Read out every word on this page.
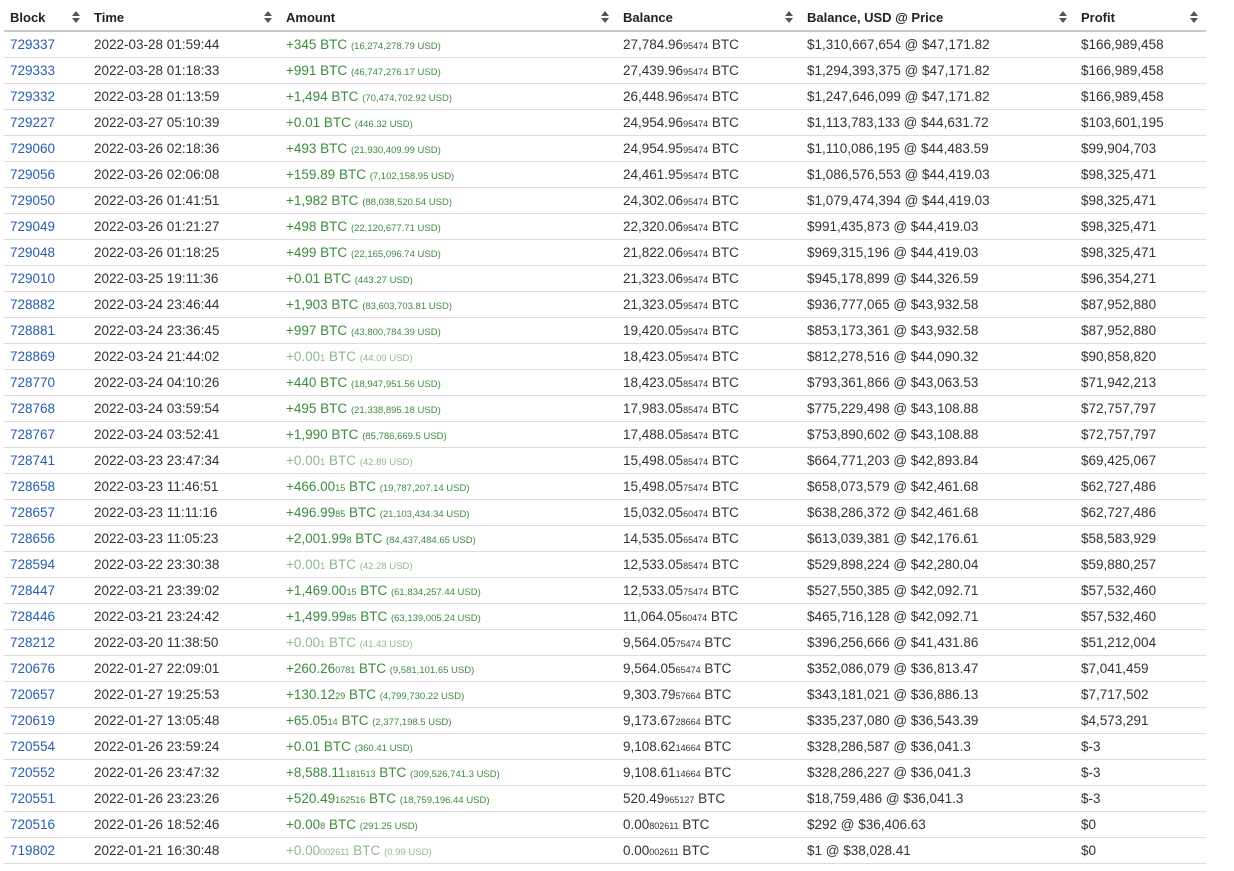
Block	Time	Amount	Balance	Balance, USD @ Price	Profit

729337	2022-03-28 01:59:44	+345 BTC (16,274,278.79 USD)	27,784.9695474 BTC	$1,310,667,654 @ $47,171.82	$166,989,458
729333	2022-03-28 01:18:33	+991 BTC (46,747,276.17 USD)	27,439.9695474 BTC	$1,294,393,375 @ $47,171.82	$166,989,458
729332	2022-03-28 01:13:59	+1,494 BTC (70,474,702.92 USD)	26,448.9695474 BTC	$1,247,646,099 @ $47,171.82	$166,989,458
729227	2022-03-27 05:10:39	+0.01 BTC (446.32 USD)	24,954.9695474 BTC	$1,113,783,133 @ $44,631.72	$103,601,195
729060	2022-03-26 02:18:36	+493 BTC (21,930,409.99 USD)	24,954.9595474 BTC	$1,110,086,195 @ $44,483.59	$99,904,703
729056	2022-03-26 02:06:08	+159.89 BTC (7,102,158.95 USD)	24,461.9595474 BTC	$1,086,576,553 @ $44,419.03	$98,325,471
729050	2022-03-26 01:41:51	+1,982 BTC (88,038,520.54 USD)	24,302.0695474 BTC	$1,079,474,394 @ $44,419.03	$98,325,471
729049	2022-03-26 01:21:27	+498 BTC (22,120,677.71 USD)	22,320.0695474 BTC	$991,435,873 @ $44,419.03	$98,325,471
729048	2022-03-26 01:18:25	+499 BTC (22,165,096.74 USD)	21,822.0695474 BTC	$969,315,196 @ $44,419.03	$98,325,471
729010	2022-03-25 19:11:36	+0.01 BTC (443.27 USD)	21,323.0695474 BTC	$945,178,899 @ $44,326.59	$96,354,271
728882	2022-03-24 23:46:44	+1,903 BTC (83,603,703.81 USD)	21,323.0595474 BTC	$936,777,065 @ $43,932.58	$87,952,880
728881	2022-03-24 23:36:45	+997 BTC (43,800,784.39 USD)	19,420.0595474 BTC	$853,173,361 @ $43,932.58	$87,952,880
728869	2022-03-24 21:44:02	+0.001 BTC (44.09 USD)	18,423.0595474 BTC	$812,278,516 @ $44,090.32	$90,858,820
728770	2022-03-24 04:10:26	+440 BTC (18,947,951.56 USD)	18,423.0585474 BTC	$793,361,866 @ $43,063.53	$71,942,213
728768	2022-03-24 03:59:54	+495 BTC (21,338,895.18 USD)	17,983.0585474 BTC	$775,229,498 @ $43,108.88	$72,757,797
728767	2022-03-24 03:52:41	+1,990 BTC (85,786,669.5 USD)	17,488.0585474 BTC	$753,890,602 @ $43,108.88	$72,757,797
728741	2022-03-23 23:47:34	+0.001 BTC (42.89 USD)	15,498.0585474 BTC	$664,771,203 @ $42,893.84	$69,425,067
728658	2022-03-23 11:46:51	+466.0015 BTC (19,787,207.14 USD)	15,498.0575474 BTC	$658,073,579 @ $42,461.68	$62,727,486
728657	2022-03-23 11:11:16	+496.9985 BTC (21,103,434.34 USD)	15,032.0560474 BTC	$638,286,372 @ $42,461.68	$62,727,486
728656	2022-03-23 11:05:23	+2,001.998 BTC (84,437,484.65 USD)	14,535.0565474 BTC	$613,039,381 @ $42,176.61	$58,583,929
728594	2022-03-22 23:30:38	+0.001 BTC (42.28 USD)	12,533.0585474 BTC	$529,898,224 @ $42,280.04	$59,880,257
728447	2022-03-21 23:39:02	+1,469.0015 BTC (61,834,257.44 USD)	12,533.0575474 BTC	$527,550,385 @ $42,092.71	$57,532,460
728446	2022-03-21 23:24:42	+1,499.9985 BTC (63,139,005.24 USD)	11,064.0560474 BTC	$465,716,128 @ $42,092.71	$57,532,460
728212	2022-03-20 11:38:50	+0.001 BTC (41.43 USD)	9,564.0575474 BTC	$396,256,666 @ $41,431.86	$51,212,004
720676	2022-01-27 22:09:01	+260.260781 BTC (9,581,101.65 USD)	9,564.0565474 BTC	$352,086,079 @ $36,813.47	$7,041,459
720657	2022-01-27 19:25:53	+130.1229 BTC (4,799,730.22 USD)	9,303.7957664 BTC	$343,181,021 @ $36,886.13	$7,717,502
720619	2022-01-27 13:05:48	+65.0514 BTC (2,377,198.5 USD)	9,173.6728664 BTC	$335,237,080 @ $36,543.39	$4,573,291
720554	2022-01-26 23:59:24	+0.01 BTC (360.41 USD)	9,108.6214664 BTC	$328,286,587 @ $36,041.3	$-3
720552	2022-01-26 23:47:32	+8,588.11181513 BTC (309,526,741.3 USD)	9,108.6114664 BTC	$328,286,227 @ $36,041.3	$-3
720551	2022-01-26 23:23:26	+520.49162516 BTC (18,759,196.44 USD)	520.49965127 BTC	$18,759,486 @ $36,041.3	$-3
720516	2022-01-26 18:52:46	+0.008 BTC (291.25 USD)	0.00802611 BTC	$292 @ $36,406.63	$0
719802	2022-01-21 16:30:48	+0.00002611 BTC (0.99 USD)	0.00002611 BTC	$1 @ $38,028.41	$0
